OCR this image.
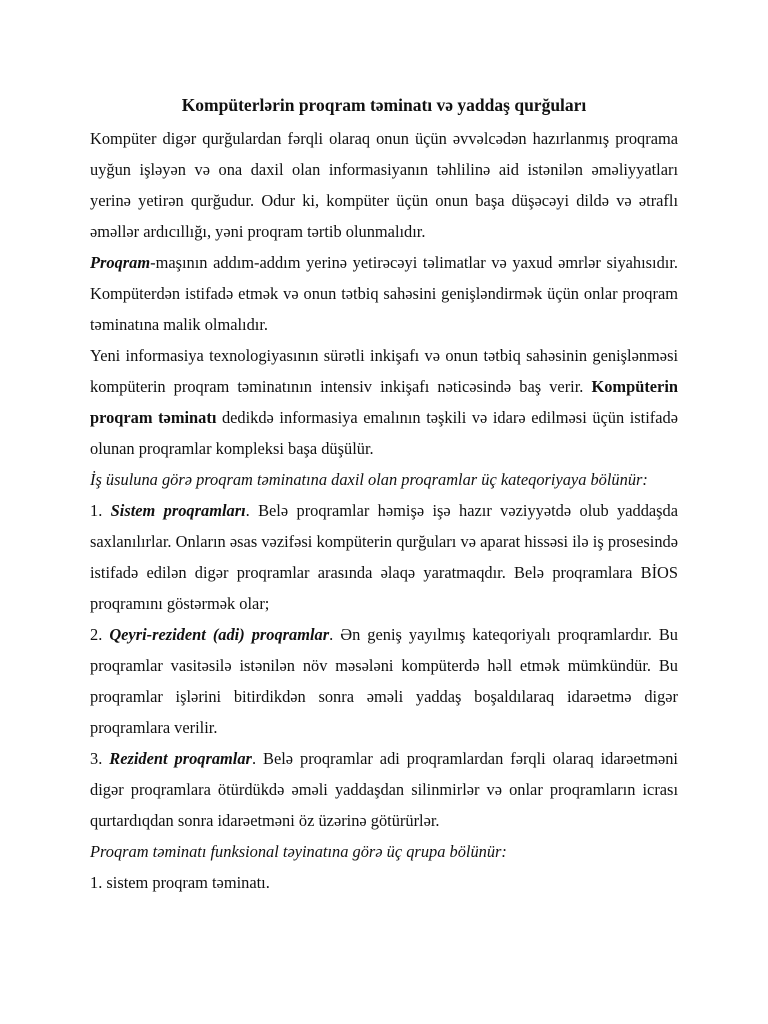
Kompüterlərin proqram təminatı və yaddaş qurğuları

Kompüter digər qurğulardan fərqli olaraq onun üçün əvvəlcədən hazırlanmış proqrama uyğun işləyən və ona daxil olan informasiyanın təhlilinə aid istənilən əməliyyatları yerinə yetirən qurğudur. Odur ki, kompüter üçün onun başa düşəcəyi dildə və ətraflı əməllər ardıcıllığı, yəni proqram tərtib olunmalıdır.

Proqram-maşının addım-addım yerinə yetirəcəyi təlimatlar və yaxud əmrlər siyahısıdır. Kompüterdən istifadə etmək və onun tətbiq sahəsini genişləndirmək üçün onlar proqram təminatına malik olmalıdır.

Yeni informasiya texnologiyasının sürətli inkişafı və onun tətbiq sahəsinin genişlənməsi kompüterin proqram təminatının intensiv inkişafı nəticəsində baş verir. Kompüterin proqram təminatı dedikdə informasiya emalının təşkili və idarə edilməsi üçün istifadə olunan proqramlar kompleksi başa düşülür.

İş üsuluna görə proqram təminatına daxil olan proqramlar üç kateqoriyaya bölünür:

1. Sistem proqramları. Belə proqramlar həmişə işə hazır vəziyyətdə olub yaddaşda saxlanılırlar. Onların əsas vəzifəsi kompüterin qurğuları və aparat hissəsi ilə iş prosesində istifadə edilən digər proqramlar arasında əlaqə yaratmaqdır. Belə proqramlara BİOS proqramını göstərmək olar;

2. Qeyri-rezident (adi) proqramlar. Ən geniş yayılmış kateqoriyalı proqramlardır. Bu proqramlar vasitəsilə istənilən növ məsələni kompüterdə həll etmək mümkündür. Bu proqramlar işlərini bitirdikdən sonra əməli yaddaş boşaldılaraq idarəetmə digər proqramlara verilir.

3. Rezident proqramlar. Belə proqramlar adi proqramlardan fərqli olaraq idarəetməni digər proqramlara ötürdükdə əməli yaddaşdan silinmirlər və onlar proqramların icrası qurtardıqdan sonra idarəetməni öz üzərinə götürürlər.

Proqram təminatı funksional təyinatına görə üç qrupa bölünür:

1. sistem proqram təminatı.
